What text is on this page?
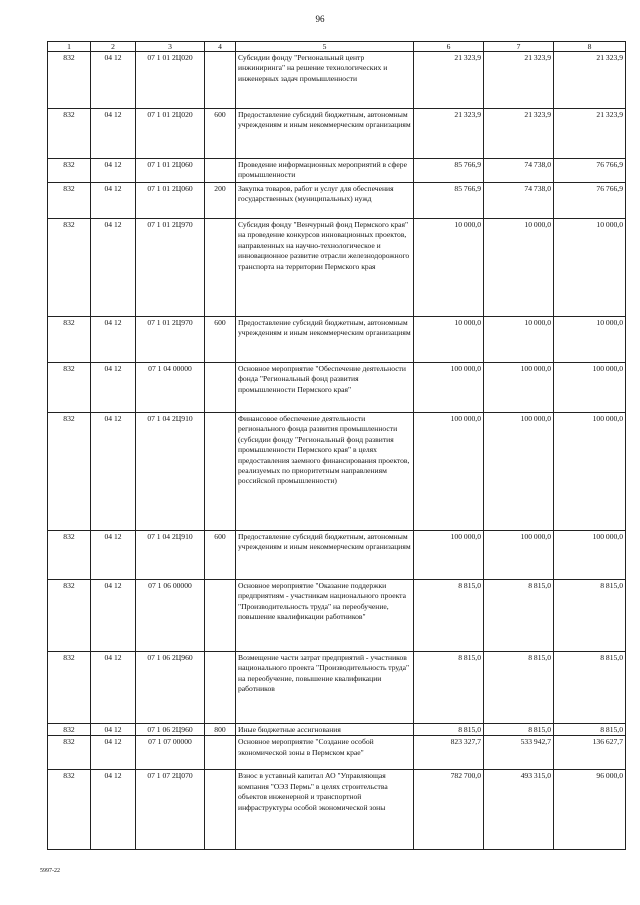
96
1	2	3	4	5	6	7	8
832	04 12	07 1 01 2Ц020		Субсидии фонду "Региональный центр инжиниринга" на решение технологических и инженерных задач промышленности	21 323,9	21 323,9	21 323,9
832	04 12	07 1 01 2Ц020	600	Предоставление субсидий бюджетным, автономным учреждениям и иным некоммерческим организациям	21 323,9	21 323,9	21 323,9
832	04 12	07 1 01 2Ц060		Проведение информационных мероприятий в сфере промышленности	85 766,9	74 738,0	76 766,9
832	04 12	07 1 01 2Ц060	200	Закупка товаров, работ и услуг для обеспечения государственных (муниципальных) нужд	85 766,9	74 738,0	76 766,9
832	04 12	07 1 01 2Ц970		Субсидия фонду "Венчурный фонд Пермского края" на проведение конкурсов инновационных проектов, направленных на научно-технологическое и инновационное развитие отрасли железнодорожного транспорта на территории Пермского края	10 000,0	10 000,0	10 000,0
832	04 12	07 1 01 2Ц970	600	Предоставление субсидий бюджетным, автономным учреждениям и иным некоммерческим организациям	10 000,0	10 000,0	10 000,0
832	04 12	07 1 04 00000		Основное мероприятие "Обеспечение деятельности фонда "Региональный фонд развития промышленности Пермского края"	100 000,0	100 000,0	100 000,0
832	04 12	07 1 04 2Ц910		Финансовое обеспечение деятельности регионального фонда развития промышленности (субсидии фонду "Региональный фонд развития промышленности Пермского края" в целях предоставления заемного финансирования проектов, реализуемых по приоритетным направлениям российской промышленности)	100 000,0	100 000,0	100 000,0
832	04 12	07 1 04 2Ц910	600	Предоставление субсидий бюджетным, автономным учреждениям и иным некоммерческим организациям	100 000,0	100 000,0	100 000,0
832	04 12	07 1 06 00000		Основное мероприятие "Оказание поддержки предприятиям - участникам национального проекта "Производительность труда" на переобучение, повышение квалификации работников"	8 815,0	8 815,0	8 815,0
832	04 12	07 1 06 2Ц960		Возмещение части затрат предприятий - участников национального проекта "Производительность труда" на переобучение, повышение квалификации работников	8 815,0	8 815,0	8 815,0
832	04 12	07 1 06 2Ц960	800	Иные бюджетные ассигнования	8 815,0	8 815,0	8 815,0
832	04 12	07 1 07 00000		Основное мероприятие "Создание особой экономической зоны в Пермском крае"	823 327,7	533 942,7	136 627,7
832	04 12	07 1 07 2Ц070		Взнос в уставный капитал АО "Управляющая компания "ОЭЗ Пермь" в целях строительства объектов инженерной и транспортной инфраструктуры особой экономической зоны	782 700,0	493 315,0	96 000,0
5997-22
